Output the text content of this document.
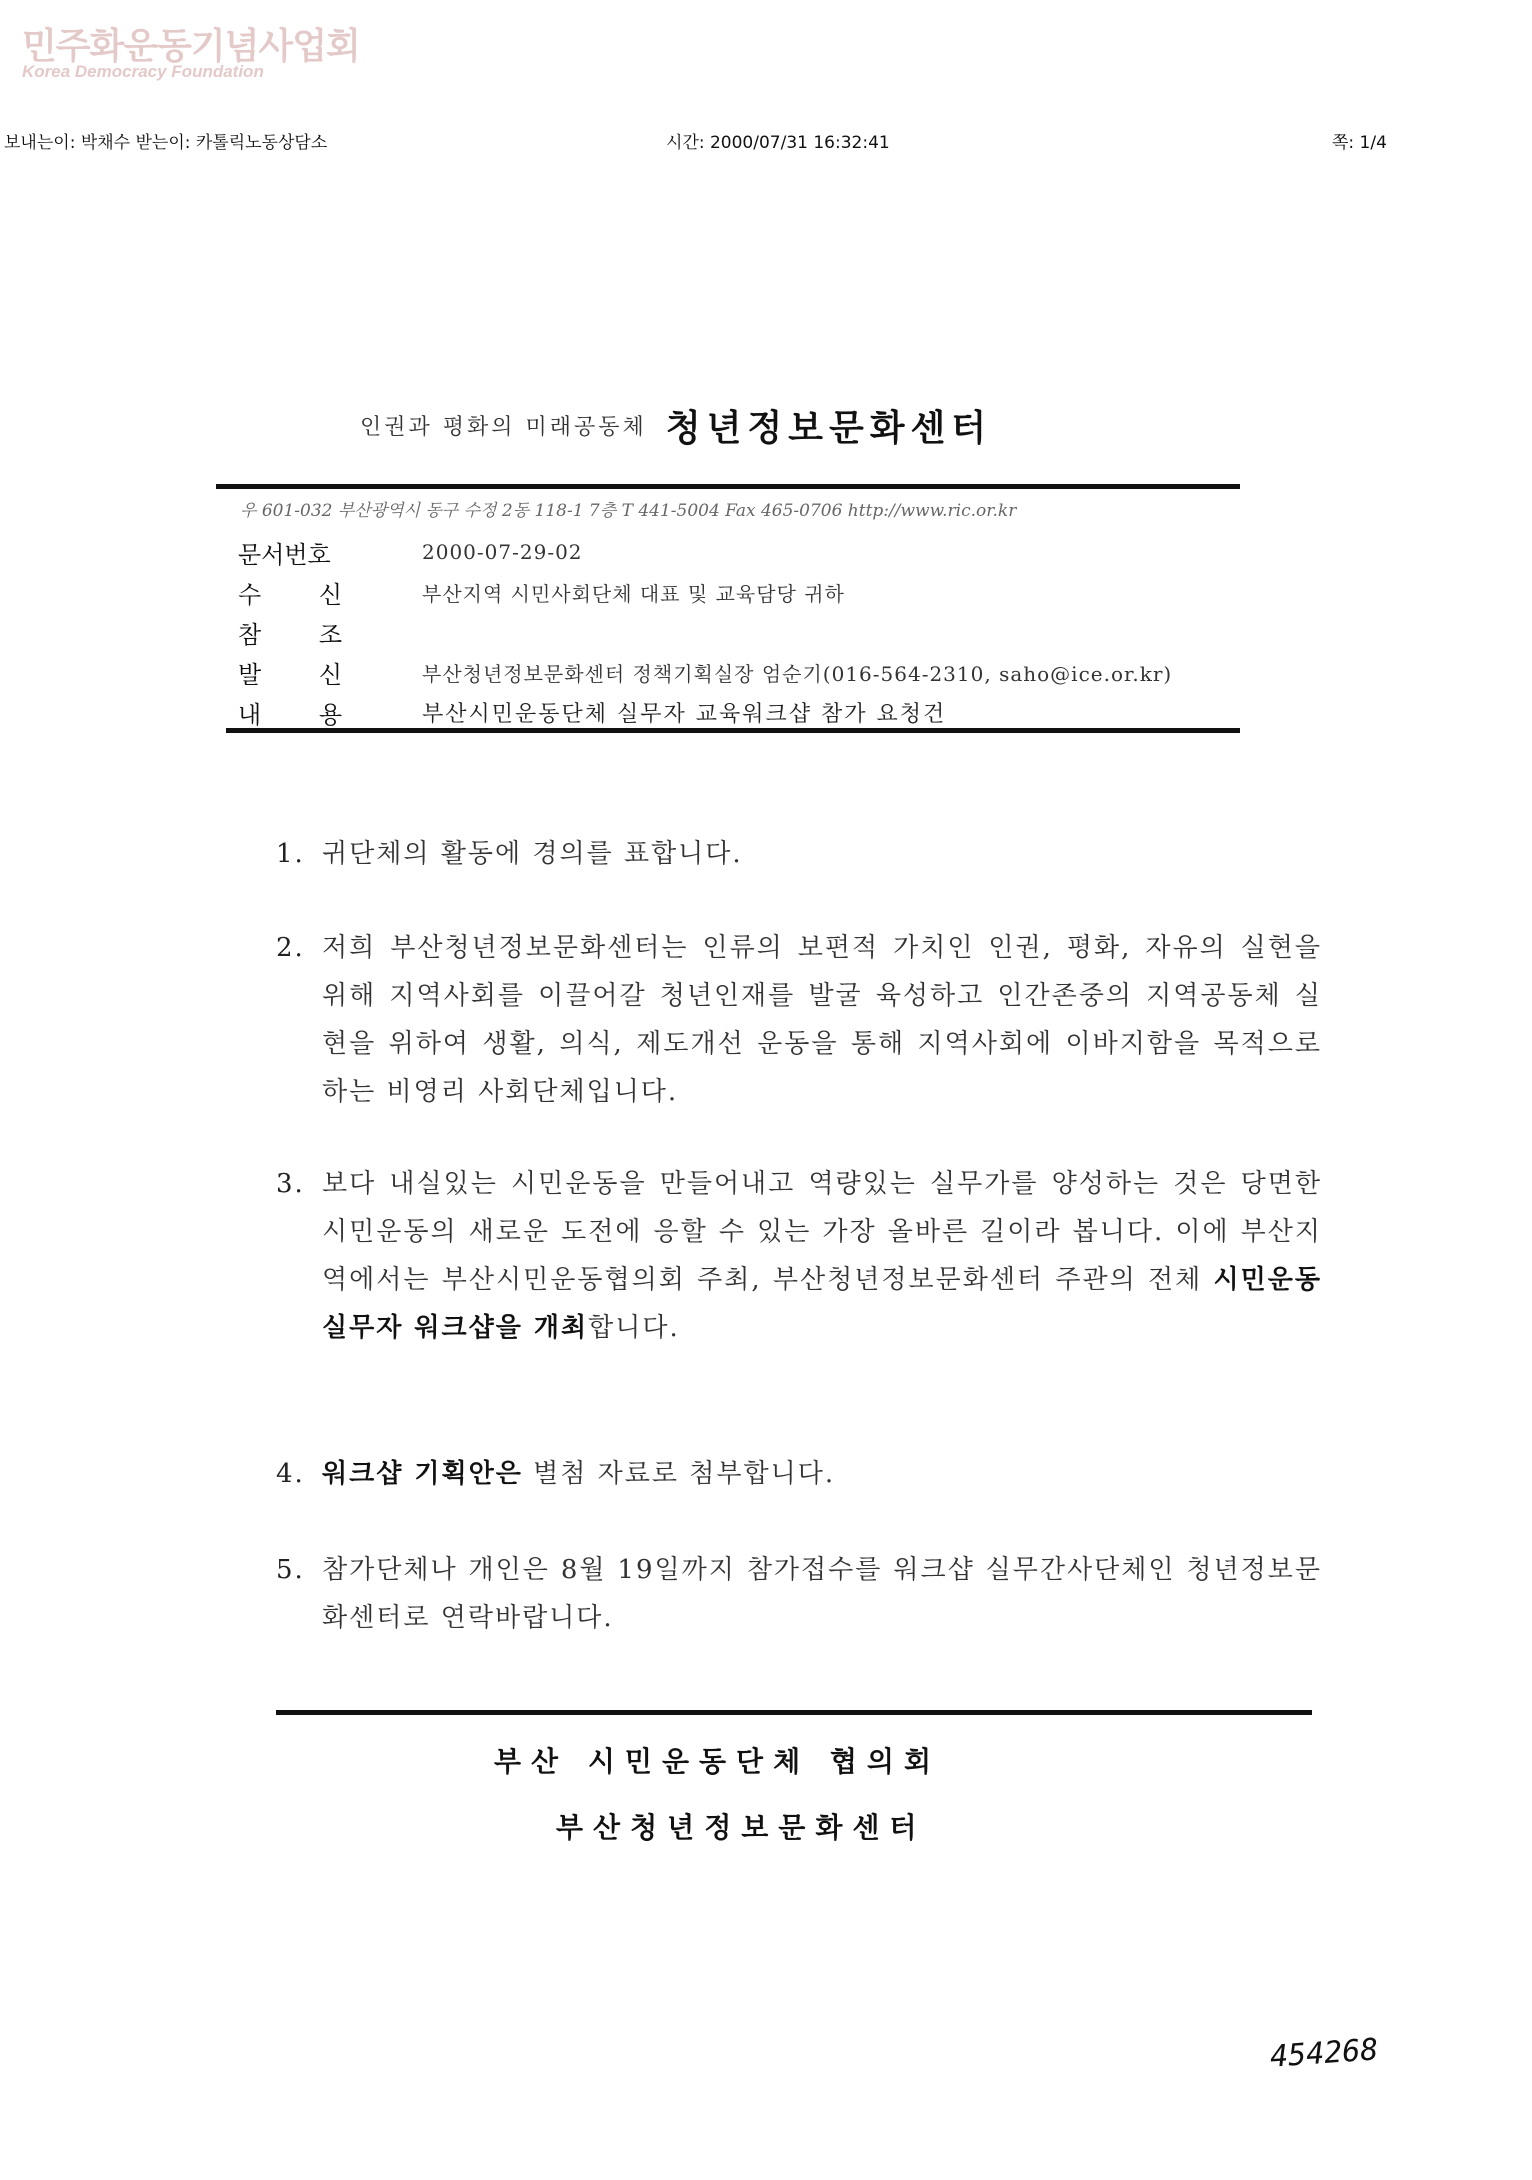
민주화운동기념사업회
Korea Democracy Foundation
보내는이: 박채수 받는이: 카톨릭노동상담소	시간: 2000/07/31 16:32:41	쪽: 1/4
인권과 평화의 미래공동체 청년정보문화센터
우 601-032 부산광역시 동구 수정 2동 118-1 7층 T 441-5004 Fax 465-0706 http://www.ric.or.kr
문서번호	2000-07-29-02

수 신	부산지역 시민사회단체 대표 및 교육담당 귀하

참 조	

발 신	부산청년정보문화센터 정책기획실장 엄순기(016-564-2310, saho@ice.or.kr)

내 용	부산시민운동단체 실무자 교육워크샵 참가 요청건
1. 귀단체의 활동에 경의를 표합니다.
2. 저희 부산청년정보문화센터는 인류의 보편적 가치인 인권, 평화, 자유의 실현을 위해 지역사회를 이끌어갈 청년인재를 발굴 육성하고 인간존중의 지역공동체 실현을 위하여 생활, 의식, 제도개선 운동을 통해 지역사회에 이바지함을 목적으로 하는 비영리 사회단체입니다.
3. 보다 내실있는 시민운동을 만들어내고 역량있는 실무가를 양성하는 것은 당면한 시민운동의 새로운 도전에 응할 수 있는 가장 올바른 길이라 봅니다. 이에 부산지역에서는 부산시민운동협의회 주최, 부산청년정보문화센터 주관의 전체 시민운동 실무자 워크샵을 개최합니다.
4. 워크샵 기획안은 별첨 자료로 첨부합니다.
5. 참가단체나 개인은 8월 19일까지 참가접수를 워크샵 실무간사단체인 청년정보문화센터로 연락바랍니다.
부산 시민운동단체 협의회
부산청년정보문화센터
454268
